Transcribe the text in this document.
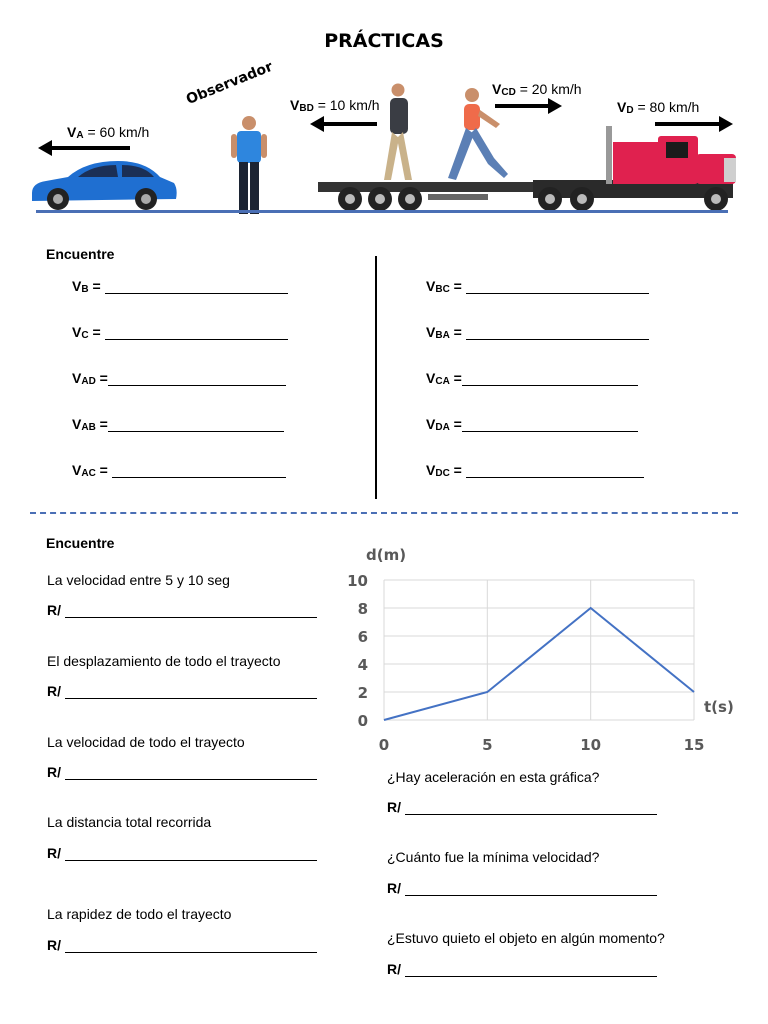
PRÁCTICAS
$V_A = 60$ km/h
$V_{BD} = 10$ km/h
$V_{CD} = 20$ km/h
$V_D = 80$ km/h
Observador
Encuentre
$V_B$ =
$V_C$ =
$V_{AD}$ =
$V_{AB}$ =
$V_{AC}$ =
$V_{BC}$ =
$V_{BA}$ =
$V_{CA}$ =
$V_{DA}$ =
$V_{DC}$ =
Encuentre
La velocidad entre 5 y 10 seg
R/
El desplazamiento de todo el trayecto
R/
La velocidad de todo el trayecto
R/
La distancia total recorrida
R/
La rapidez de todo el trayecto
R/
0
2
4
6
8
10
0	5	10	15
d(m)
t(s)
¿Hay aceleración en esta gráfica?
R/
¿Cuánto fue la mínima velocidad?
R/
¿Estuvo quieto el objeto en algún momento?
R/
